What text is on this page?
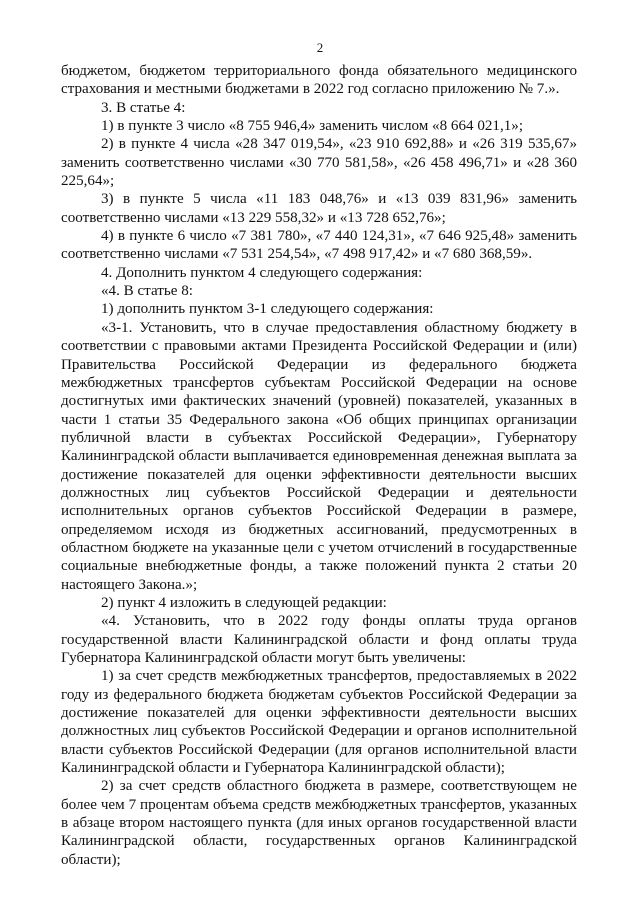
2

бюджетом, бюджетом территориального фонда обязательного медицинского страхования и местными бюджетами в 2022 год согласно приложению № 7.».

3. В статье 4:

1) в пункте 3 число «8 755 946,4» заменить числом «8 664 021,1»;

2) в пункте 4 числа «28 347 019,54», «23 910 692,88» и «26 319 535,67» заменить соответственно числами «30 770 581,58», «26 458 496,71» и «28 360 225,64»;

3) в пункте 5 числа «11 183 048,76» и «13 039 831,96» заменить соответственно числами «13 229 558,32» и «13 728 652,76»;

4) в пункте 6 число «7 381 780», «7 440 124,31», «7 646 925,48» заменить соответственно числами «7 531 254,54», «7 498 917,42» и «7 680 368,59».

4. Дополнить пунктом 4 следующего содержания:

«4. В статье 8:

1) дополнить пунктом 3-1 следующего содержания:

«3-1. Установить, что в случае предоставления областному бюджету в соответствии с правовыми актами Президента Российской Федерации и (или) Правительства Российской Федерации из федерального бюджета межбюджетных трансфертов субъектам Российской Федерации на основе достигнутых ими фактических значений (уровней) показателей, указанных в части 1 статьи 35 Федерального закона «Об общих принципах организации публичной власти в субъектах Российской Федерации», Губернатору Калининградской области выплачивается единовременная денежная выплата за достижение показателей для оценки эффективности деятельности высших должностных лиц субъектов Российской Федерации и деятельности исполнительных органов субъектов Российской Федерации в размере, определяемом исходя из бюджетных ассигнований, предусмотренных в областном бюджете на указанные цели с учетом отчислений в государственные социальные внебюджетные фонды, а также положений пункта 2 статьи 20 настоящего Закона.»;

2) пункт 4 изложить в следующей редакции:

«4. Установить, что в 2022 году фонды оплаты труда органов государственной власти Калининградской области и фонд оплаты труда Губернатора Калининградской области могут быть увеличены:

1) за счет средств межбюджетных трансфертов, предоставляемых в 2022 году из федерального бюджета бюджетам субъектов Российской Федерации за достижение показателей для оценки эффективности деятельности высших должностных лиц субъектов Российской Федерации и органов исполнительной власти субъектов Российской Федерации (для органов исполнительной власти Калининградской области и Губернатора Калининградской области);

2) за счет средств областного бюджета в размере, соответствующем не более чем 7 процентам объема средств межбюджетных трансфертов, указанных в абзаце втором настоящего пункта (для иных органов государственной власти Калининградской области, государственных органов Калининградской области);
